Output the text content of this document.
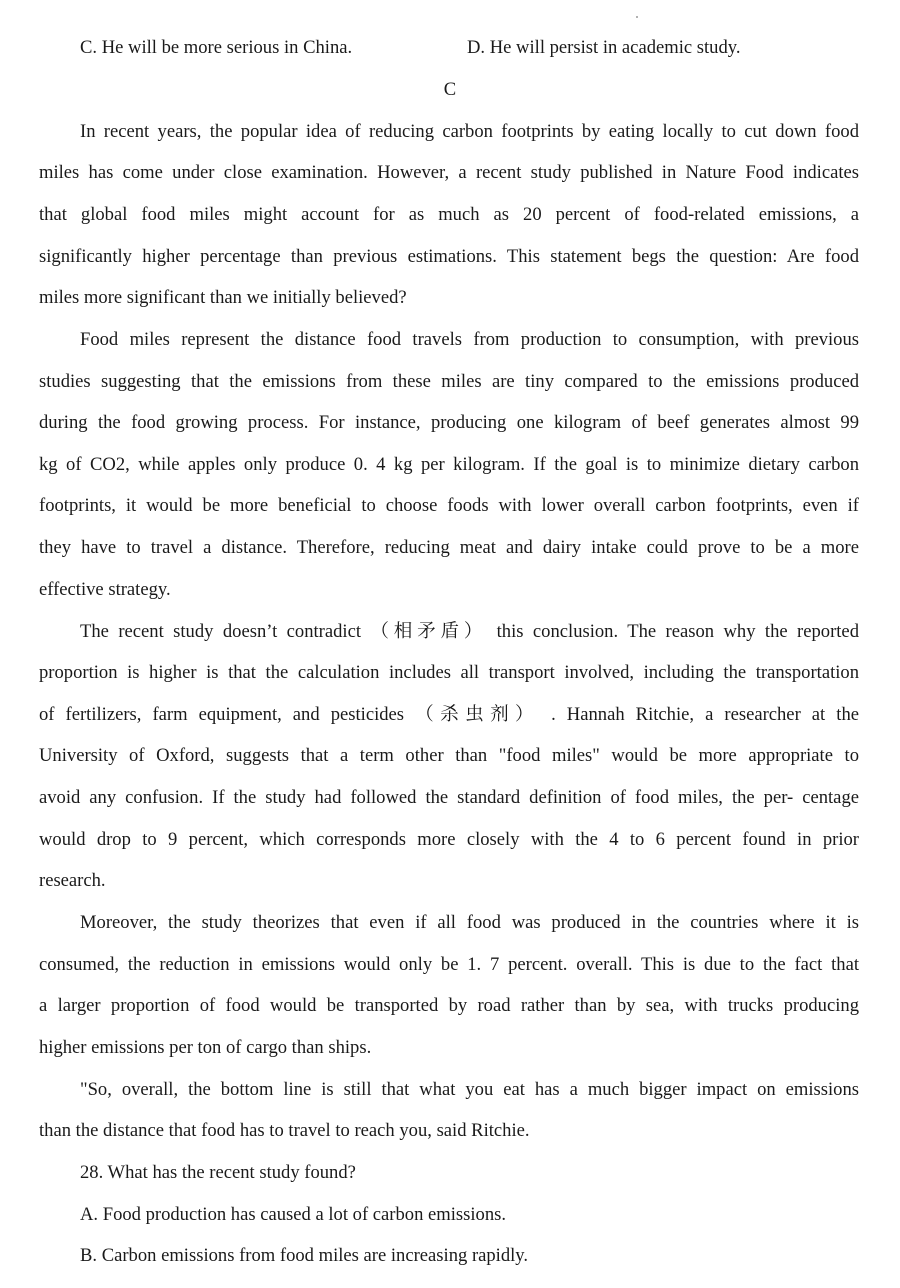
C. He will be more serious in China.	D. He will persist in academic study.
C
In recent years, the popular idea of reducing carbon footprints by eating locally to cut down food
miles has come under close examination. However, a recent study published in Nature Food indicates
that global food miles might account for as much as 20 percent of food-related emissions, a
significantly higher percentage than previous estimations. This statement begs the question: Are food
miles more significant than we initially believed?
Food miles represent the distance food travels from production to consumption, with previous
studies suggesting that the emissions from these miles are tiny compared to the emissions produced
during the food growing process. For instance, producing one kilogram of beef generates almost 99
kg of CO2, while apples only produce 0. 4 kg per kilogram. If the goal is to minimize dietary carbon
footprints, it would be more beneficial to choose foods with lower overall carbon footprints, even if
they have to travel a distance. Therefore, reducing meat and dairy intake could prove to be a more
effective strategy.
The recent study doesn’t contradict （相矛盾） this conclusion. The reason why the reported
proportion is higher is that the calculation includes all transport involved, including the transportation
of fertilizers, farm equipment, and pesticides （杀虫剂） . Hannah Ritchie, a researcher at the
University of Oxford, suggests that a term other than "food miles" would be more appropriate to
avoid any confusion. If the study had followed the standard definition of food miles, the per- centage
would drop to 9 percent, which corresponds more closely with the 4 to 6 percent found in prior
research.
Moreover, the study theorizes that even if all food was produced in the countries where it is
consumed, the reduction in emissions would only be 1. 7 percent. overall. This is due to the fact that
a larger proportion of food would be transported by road rather than by sea, with trucks producing
higher emissions per ton of cargo than ships.
"So, overall, the bottom line is still that what you eat has a much bigger impact on emissions
than the distance that food has to travel to reach you, said Ritchie.
28. What has the recent study found?
A. Food production has caused a lot of carbon emissions.
B. Carbon emissions from food miles are increasing rapidly.
